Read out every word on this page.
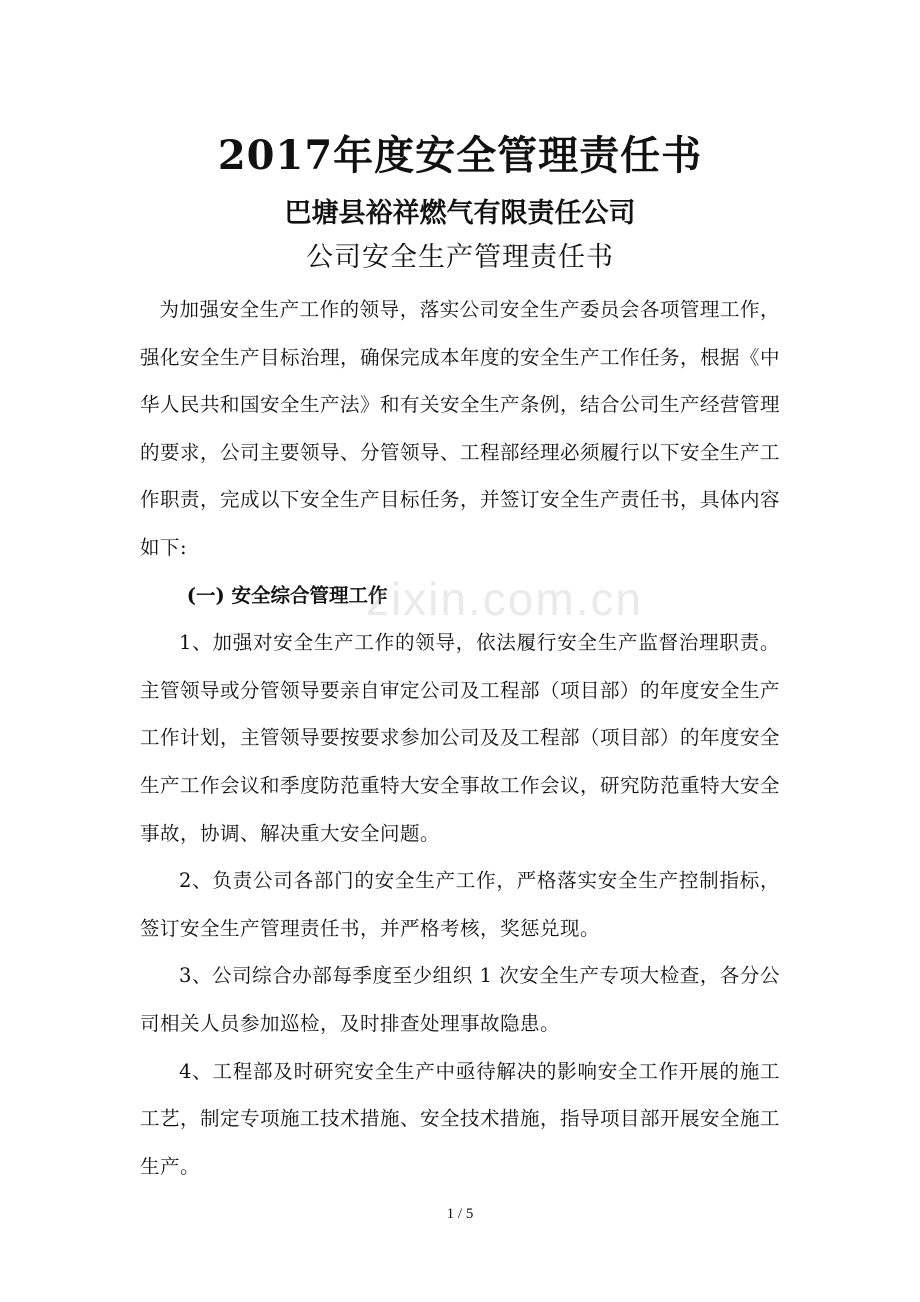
2017年度安全管理责任书
巴塘县裕祥燃气有限责任公司
公司安全生产管理责任书

为加强安全生产工作的领导，落实公司安全生产委员会各项管理工作，强化安全生产目标治理，确保完成本年度的安全生产工作任务，根据《中华人民共和国安全生产法》和有关安全生产条例，结合公司生产经营管理的要求，公司主要领导、分管领导、工程部经理必须履行以下安全生产工作职责，完成以下安全生产目标任务，并签订安全生产责任书，具体内容如下:

(一) 安全综合管理工作

1、加强对安全生产工作的领导，依法履行安全生产监督治理职责。主管领导或分管领导要亲自审定公司及工程部（项目部）的年度安全生产工作计划，主管领导要按要求参加公司及及工程部（项目部）的年度安全生产工作会议和季度防范重特大安全事故工作会议，研究防范重特大安全事故，协调、解决重大安全问题。

2、负责公司各部门的安全生产工作，严格落实安全生产控制指标，签订安全生产管理责任书，并严格考核，奖惩兑现。

3、公司综合办部每季度至少组织 1 次安全生产专项大检查，各分公司相关人员参加巡检，及时排查处理事故隐患。

4、工程部及时研究安全生产中亟待解决的影响安全工作开展的施工工艺，制定专项施工技术措施、安全技术措施，指导项目部开展安全施工生产。

zixin.com.cn
1 / 5
